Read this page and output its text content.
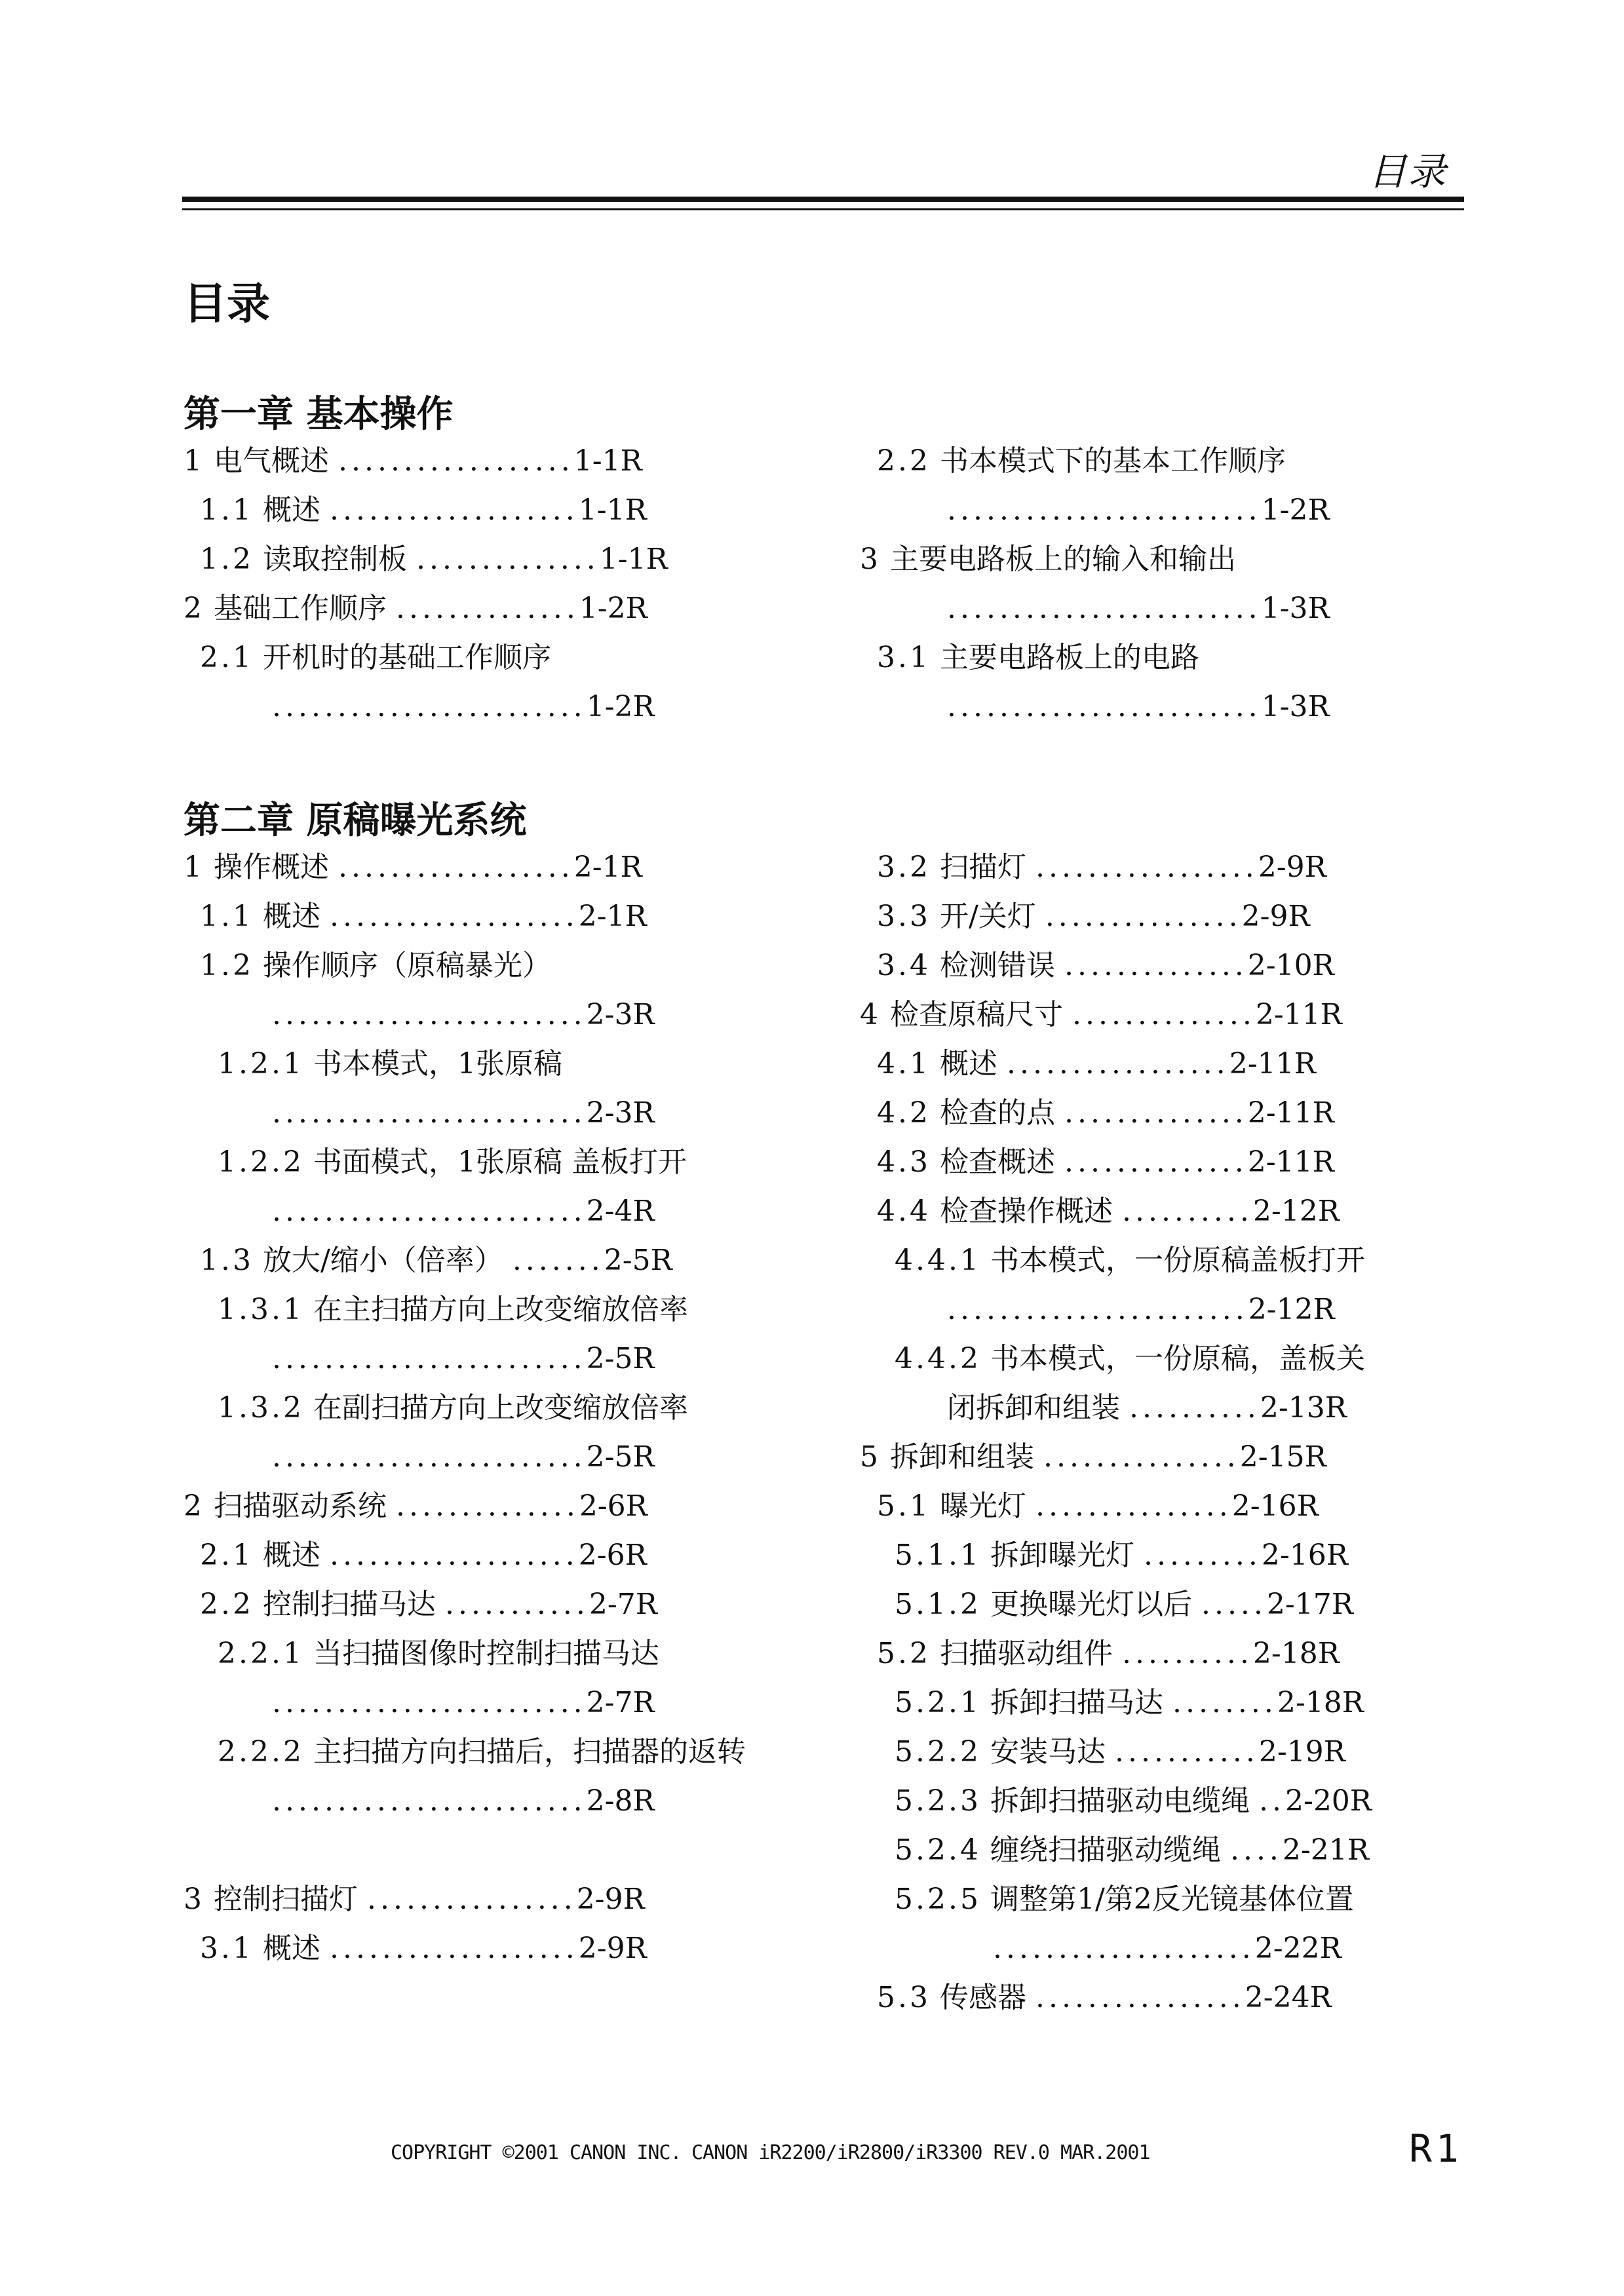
目录
目录
第一章 基本操作
第二章 原稿曝光系统
1 电气概述 ..................1-1R
1.1 概述 ...................1-1R
1.2 读取控制板 ..............1-1R
2 基础工作顺序 ..............1-2R
2.1 开机时的基础工作顺序
........................1-2R
2.2 书本模式下的基本工作顺序
........................1-2R
3 主要电路板上的输入和输出
........................1-3R
3.1 主要电路板上的电路
........................1-3R
1 操作概述 ..................2-1R
1.1 概述 ...................2-1R
1.2 操作顺序（原稿暴光）
........................2-3R
1.2.1 书本模式，1张原稿
........................2-3R
1.2.2 书面模式，1张原稿 盖板打开
........................2-4R
1.3 放大/缩小（倍率） .......2-5R
1.3.1 在主扫描方向上改变缩放倍率
........................2-5R
1.3.2 在副扫描方向上改变缩放倍率
........................2-5R
2 扫描驱动系统 ..............2-6R
2.1 概述 ...................2-6R
2.2 控制扫描马达 ...........2-7R
2.2.1 当扫描图像时控制扫描马达
........................2-7R
2.2.2 主扫描方向扫描后，扫描器的返转
........................2-8R
3 控制扫描灯 ................2-9R
3.1 概述 ...................2-9R
3.2 扫描灯 .................2-9R
3.3 开/关灯 ...............2-9R
3.4 检测错误 ..............2-10R
4 检查原稿尺寸 ..............2-11R
4.1 概述 .................2-11R
4.2 检查的点 ..............2-11R
4.3 检查概述 ..............2-11R
4.4 检查操作概述 ..........2-12R
4.4.1 书本模式，一份原稿盖板打开
.......................2-12R
4.4.2 书本模式，一份原稿，盖板关
闭拆卸和组装 ..........2-13R
5 拆卸和组装 ...............2-15R
5.1 曝光灯 ...............2-16R
5.1.1 拆卸曝光灯 .........2-16R
5.1.2 更换曝光灯以后 .....2-17R
5.2 扫描驱动组件 ..........2-18R
5.2.1 拆卸扫描马达 ........2-18R
5.2.2 安装马达 ...........2-19R
5.2.3 拆卸扫描驱动电缆绳 ..2-20R
5.2.4 缠绕扫描驱动缆绳 ....2-21R
5.2.5 调整第1/第2反光镜基体位置
....................2-22R
5.3 传感器 ................2-24R
COPYRIGHT ©2001 CANON INC. CANON iR2200/iR2800/iR3300 REV.0 MAR.2001	R1
